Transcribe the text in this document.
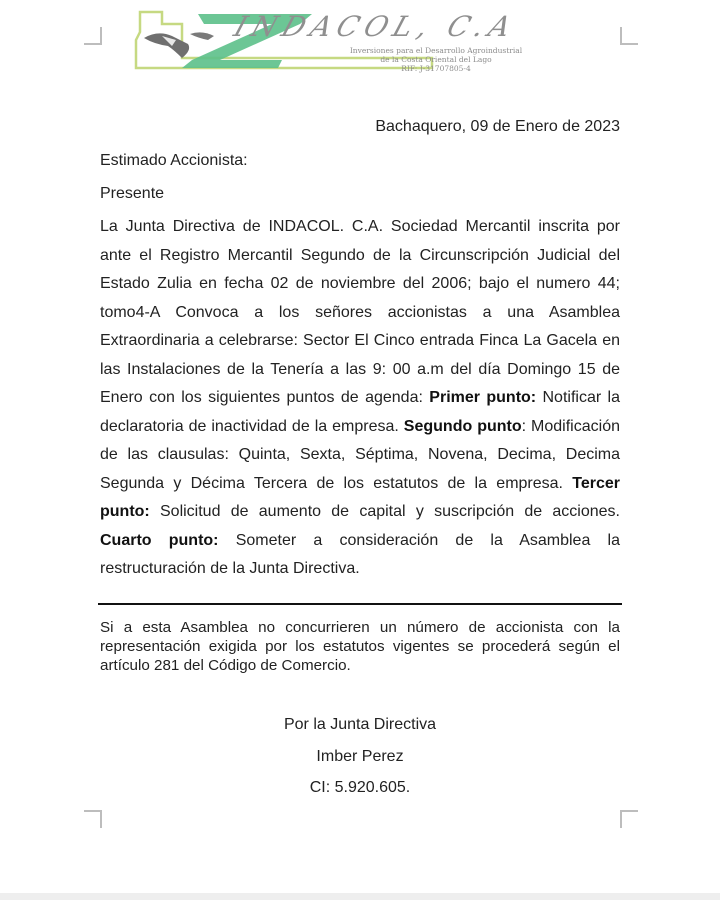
INDACOL, C.A
Inversiones para el Desarrollo Agroindustrial
de la Costa Oriental del Lago
RIF: J-31707805-4
Bachaquero, 09 de Enero de 2023
Estimado Accionista:
Presente
La Junta Directiva de INDACOL. C.A. Sociedad Mercantil inscrita por ante el Registro Mercantil Segundo de la Circunscripción Judicial del Estado Zulia en fecha 02 de noviembre del 2006; bajo el numero 44; tomo4-A Convoca a los señores accionistas a una Asamblea Extraordinaria a celebrarse: Sector El Cinco entrada Finca La Gacela en las Instalaciones de la Tenería a las 9: 00 a.m del día Domingo 15 de Enero con los siguientes puntos de agenda: Primer punto: Notificar la declaratoria de inactividad de la empresa. Segundo punto: Modificación de las clausulas: Quinta, Sexta, Séptima, Novena, Decima, Decima Segunda y Décima Tercera de los estatutos de la empresa. Tercer punto: Solicitud de aumento de capital y suscripción de acciones. Cuarto punto: Someter a consideración de la Asamblea la restructuración de la Junta Directiva.
Si a esta Asamblea no concurrieren un número de accionista con la representación exigida por los estatutos vigentes se procederá según el artículo 281 del Código de Comercio.
Por la Junta Directiva
Imber Perez
CI: 5.920.605.
